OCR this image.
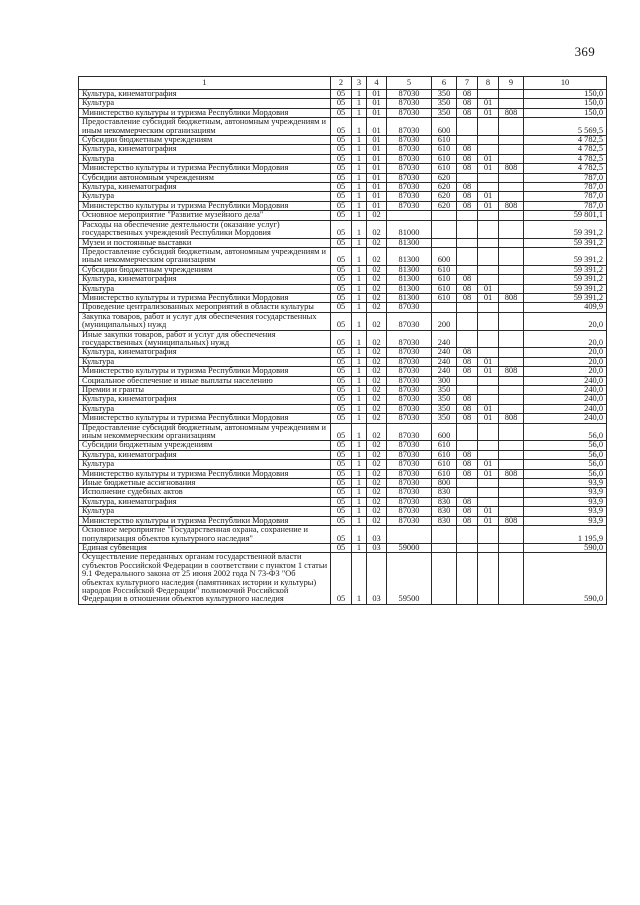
369
1	2	3	4	5	6	7	8	9	10
Культура, кинематография	05	1	01	87030	350	08			150,0
Культура	05	1	01	87030	350	08	01		150,0
Министерство культуры и туризма Республики Мордовия	05	1	01	87030	350	08	01	808	150,0
Предоставление субсидий бюджетным, автономным учреждениям и иным некоммерческим организациям	05	1	01	87030	600				5 569,5
Субсидии бюджетным учреждениям	05	1	01	87030	610				4 782,5
Культура, кинематография	05	1	01	87030	610	08			4 782,5
Культура	05	1	01	87030	610	08	01		4 782,5
Министерство культуры и туризма Республики Мордовия	05	1	01	87030	610	08	01	808	4 782,5
Субсидии автономным учреждениям	05	1	01	87030	620				787,0
Культура, кинематография	05	1	01	87030	620	08			787,0
Культура	05	1	01	87030	620	08	01		787,0
Министерство культуры и туризма Республики Мордовия	05	1	01	87030	620	08	01	808	787,0
Основное мероприятие "Развитие музейного дела"	05	1	02						59 801,1
Расходы на обеспечение деятельности (оказание услуг) государственных учреждений Республики Мордовия	05	1	02	81000					59 391,2
Музеи и постоянные выставки	05	1	02	81300					59 391,2
Предоставление субсидий бюджетным, автономным учреждениям и иным некоммерческим организациям	05	1	02	81300	600				59 391,2
Субсидии бюджетным учреждениям	05	1	02	81300	610				59 391,2
Культура, кинематография	05	1	02	81300	610	08			59 391,2
Культура	05	1	02	81300	610	08	01		59 391,2
Министерство культуры и туризма Республики Мордовия	05	1	02	81300	610	08	01	808	59 391,2
Проведение централизованных мероприятий в области культуры	05	1	02	87030					409,9
Закупка товаров, работ и услуг для обеспечения государственных (муниципальных) нужд	05	1	02	87030	200				20,0
Иные закупки товаров, работ и услуг для обеспечения государственных (муниципальных) нужд	05	1	02	87030	240				20,0
Культура, кинематография	05	1	02	87030	240	08			20,0
Культура	05	1	02	87030	240	08	01		20,0
Министерство культуры и туризма Республики Мордовия	05	1	02	87030	240	08	01	808	20,0
Социальное обеспечение и иные выплаты населению	05	1	02	87030	300				240,0
Премии и гранты	05	1	02	87030	350				240,0
Культура, кинематография	05	1	02	87030	350	08			240,0
Культура	05	1	02	87030	350	08	01		240,0
Министерство культуры и туризма Республики Мордовия	05	1	02	87030	350	08	01	808	240,0
Предоставление субсидий бюджетным, автономным учреждениям и иным некоммерческим организациям	05	1	02	87030	600				56,0
Субсидии бюджетным учреждениям	05	1	02	87030	610				56,0
Культура, кинематография	05	1	02	87030	610	08			56,0
Культура	05	1	02	87030	610	08	01		56,0
Министерство культуры и туризма Республики Мордовия	05	1	02	87030	610	08	01	808	56,0
Иные бюджетные ассигнования	05	1	02	87030	800				93,9
Исполнение судебных актов	05	1	02	87030	830				93,9
Культура, кинематография	05	1	02	87030	830	08			93,9
Культура	05	1	02	87030	830	08	01		93,9
Министерство культуры и туризма Республики Мордовия	05	1	02	87030	830	08	01	808	93,9
Основное мероприятие "Государственная охрана, сохранение и популяризация объектов культурного наследия"	05	1	03						1 195,9
Единая субвенция	05	1	03	59000					590,0
Осуществление переданных органам государственной власти субъектов Российской Федерации в соответствии с пунктом 1 статьи 9.1 Федерального закона от 25 июня 2002 года N 73-ФЗ "Об объектах культурного наследия (памятниках истории и культуры) народов Российской Федерации" полномочий Российской Федерации в отношении объектов культурного наследия	05	1	03	59500					590,0
